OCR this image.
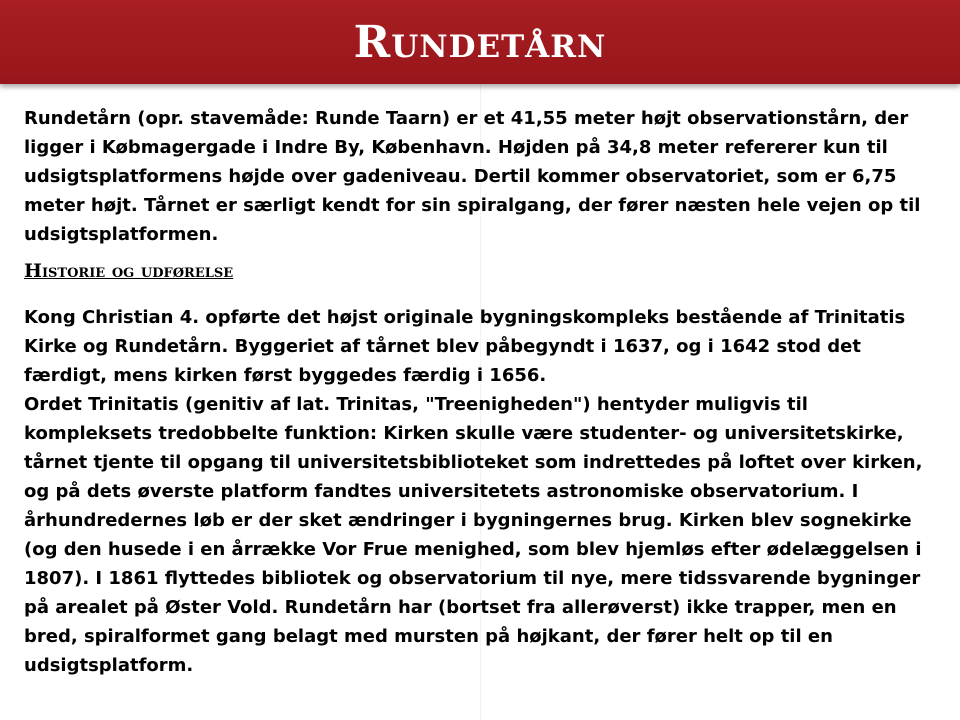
Rundetårn

Rundetårn (opr. stavemåde: Runde Taarn) er et 41,55 meter højt observationstårn, der ligger i Købmagergade i Indre By, København. Højden på 34,8 meter refererer kun til udsigtsplatformens højde over gadeniveau. Dertil kommer observatoriet, som er 6,75 meter højt. Tårnet er særligt kendt for sin spiralgang, der fører næsten hele vejen op til udsigtsplatformen.

Historie og udførelse

Kong Christian 4. opførte det højst originale bygningskompleks bestående af Trinitatis Kirke og Rundetårn. Byggeriet af tårnet blev påbegyndt i 1637, og i 1642 stod det færdigt, mens kirken først byggedes færdig i 1656.

Ordet Trinitatis (genitiv af lat. Trinitas, "Treenigheden") hentyder muligvis til kompleksets tredobbelte funktion: Kirken skulle være studenter- og universitetskirke, tårnet tjente til opgang til universitetsbiblioteket som indrettedes på loftet over kirken, og på dets øverste platform fandtes universitetets astronomiske observatorium. I århundredernes løb er der sket ændringer i bygningernes brug. Kirken blev sognekirke (og den husede i en årrække Vor Frue menighed, som blev hjemløs efter ødelæggelsen i 1807). I 1861 flyttedes bibliotek og observatorium til nye, mere tidssvarende bygninger på arealet på Øster Vold. Rundetårn har (bortset fra allerøverst) ikke trapper, men en bred, spiralformet gang belagt med mursten på højkant, der fører helt op til en udsigtsplatform.
